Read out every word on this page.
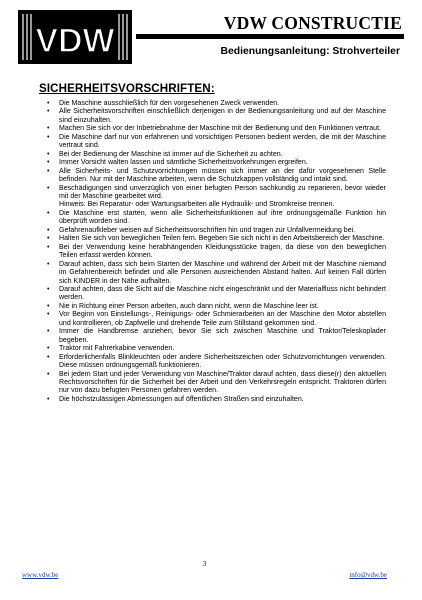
VDW	VDW CONSTRUCTIE
Bedienungsanleitung: Strohverteiler
SICHERHEITSVORSCHRIFTEN:
• Die Maschine ausschließlich für den vorgesehenen Zweck verwenden.
• Alle Sicherheitsvorschriften einschließlich derjenigen in der Bedienungsanleitung und auf der Maschine sind einzuhalten.
• Machen Sie sich vor der Inbetriebnahme der Maschine mit der Bedienung und den Funktionen vertraut.
• Die Maschine darf nur von erfahrenen und vorsichtigen Personen bedient werden, die mit der Maschine vertraut sind.
• Bei der Bedienung der Maschine ist immer auf die Sicherheit zu achten.
• Immer Vorsicht walten lassen und sämtliche Sicherheitsvorkehrungen ergreifen.
• Alle Sicherheits- und Schutzvorrichtungen müssen sich immer an der dafür vorgesehenen Stelle befinden. Nur mit der Maschine arbeiten, wenn die Schutzkappen vollständig und intakt sind.
• Beschädigungen sind unverzüglich von einer befugten Person sachkundig zu reparieren, bevor wieder mit der Maschine gearbeitet wird.
Hinweis: Bei Reparatur- oder Wartungsarbeiten alle Hydraulik- und Stromkreise trennen.
• Die Maschine erst starten, wenn alle Sicherheitsfunktionen auf ihre ordnungsgemäße Funktion hin überprüft worden sind.
• Gefahrenaufkleber weisen auf Sicherheitsvorschriften hin und tragen zur Unfallvermeidung bei.
• Halten Sie sich von beweglichen Teilen fern. Begeben Sie sich nicht in den Arbeitsbereich der Maschine.
• Bei der Verwendung keine herabhängenden Kleidungsstücke tragen, da diese von den beweglichen Teilen erfasst werden können.
• Darauf achten, dass sich beim Starten der Maschine und während der Arbeit mit der Maschine niemand im Gefahrenbereich befindet und alle Personen ausreichenden Abstand halten. Auf keinen Fall dürfen sich KINDER in der Nähe aufhalten.
• Darauf achten, dass die Sicht auf die Maschine nicht eingeschränkt und der Materialfluss nicht behindert werden.
• Nie in Richtung einer Person arbeiten, auch dann nicht, wenn die Maschine leer ist.
• Vor Beginn von Einstellungs-, Reinigungs- oder Schmierarbeiten an der Maschine den Motor abstellen und kontrollieren, ob Zapfwelle und drehende Teile zum Stillstand gekommen sind.
• Immer die Handbremse anziehen, bevor Sie sich zwischen Maschine und Traktor/Teleskoplader begeben.
• Traktor mit Fahrerkabine verwenden.
• Erforderlichenfalls Blinkleuchten oder andere Sicherheitszeichen oder Schutzvorrichtungen verwenden. Diese müssen ordnungsgemäß funktionieren.
• Bei jedem Start und jeder Verwendung von Maschine/Traktor darauf achten, dass diese(r) den aktuellen Rechtsvorschriften für die Sicherheit bei der Arbeit und den Verkehrsregeln entspricht. Traktoren dürfen nur von dazu befugten Personen gefahren werden.
• Die höchstzulässigen Abmessungen auf öffentlichen Straßen sind einzuhalten.
www.vdw.be
3
info@vdw.be
